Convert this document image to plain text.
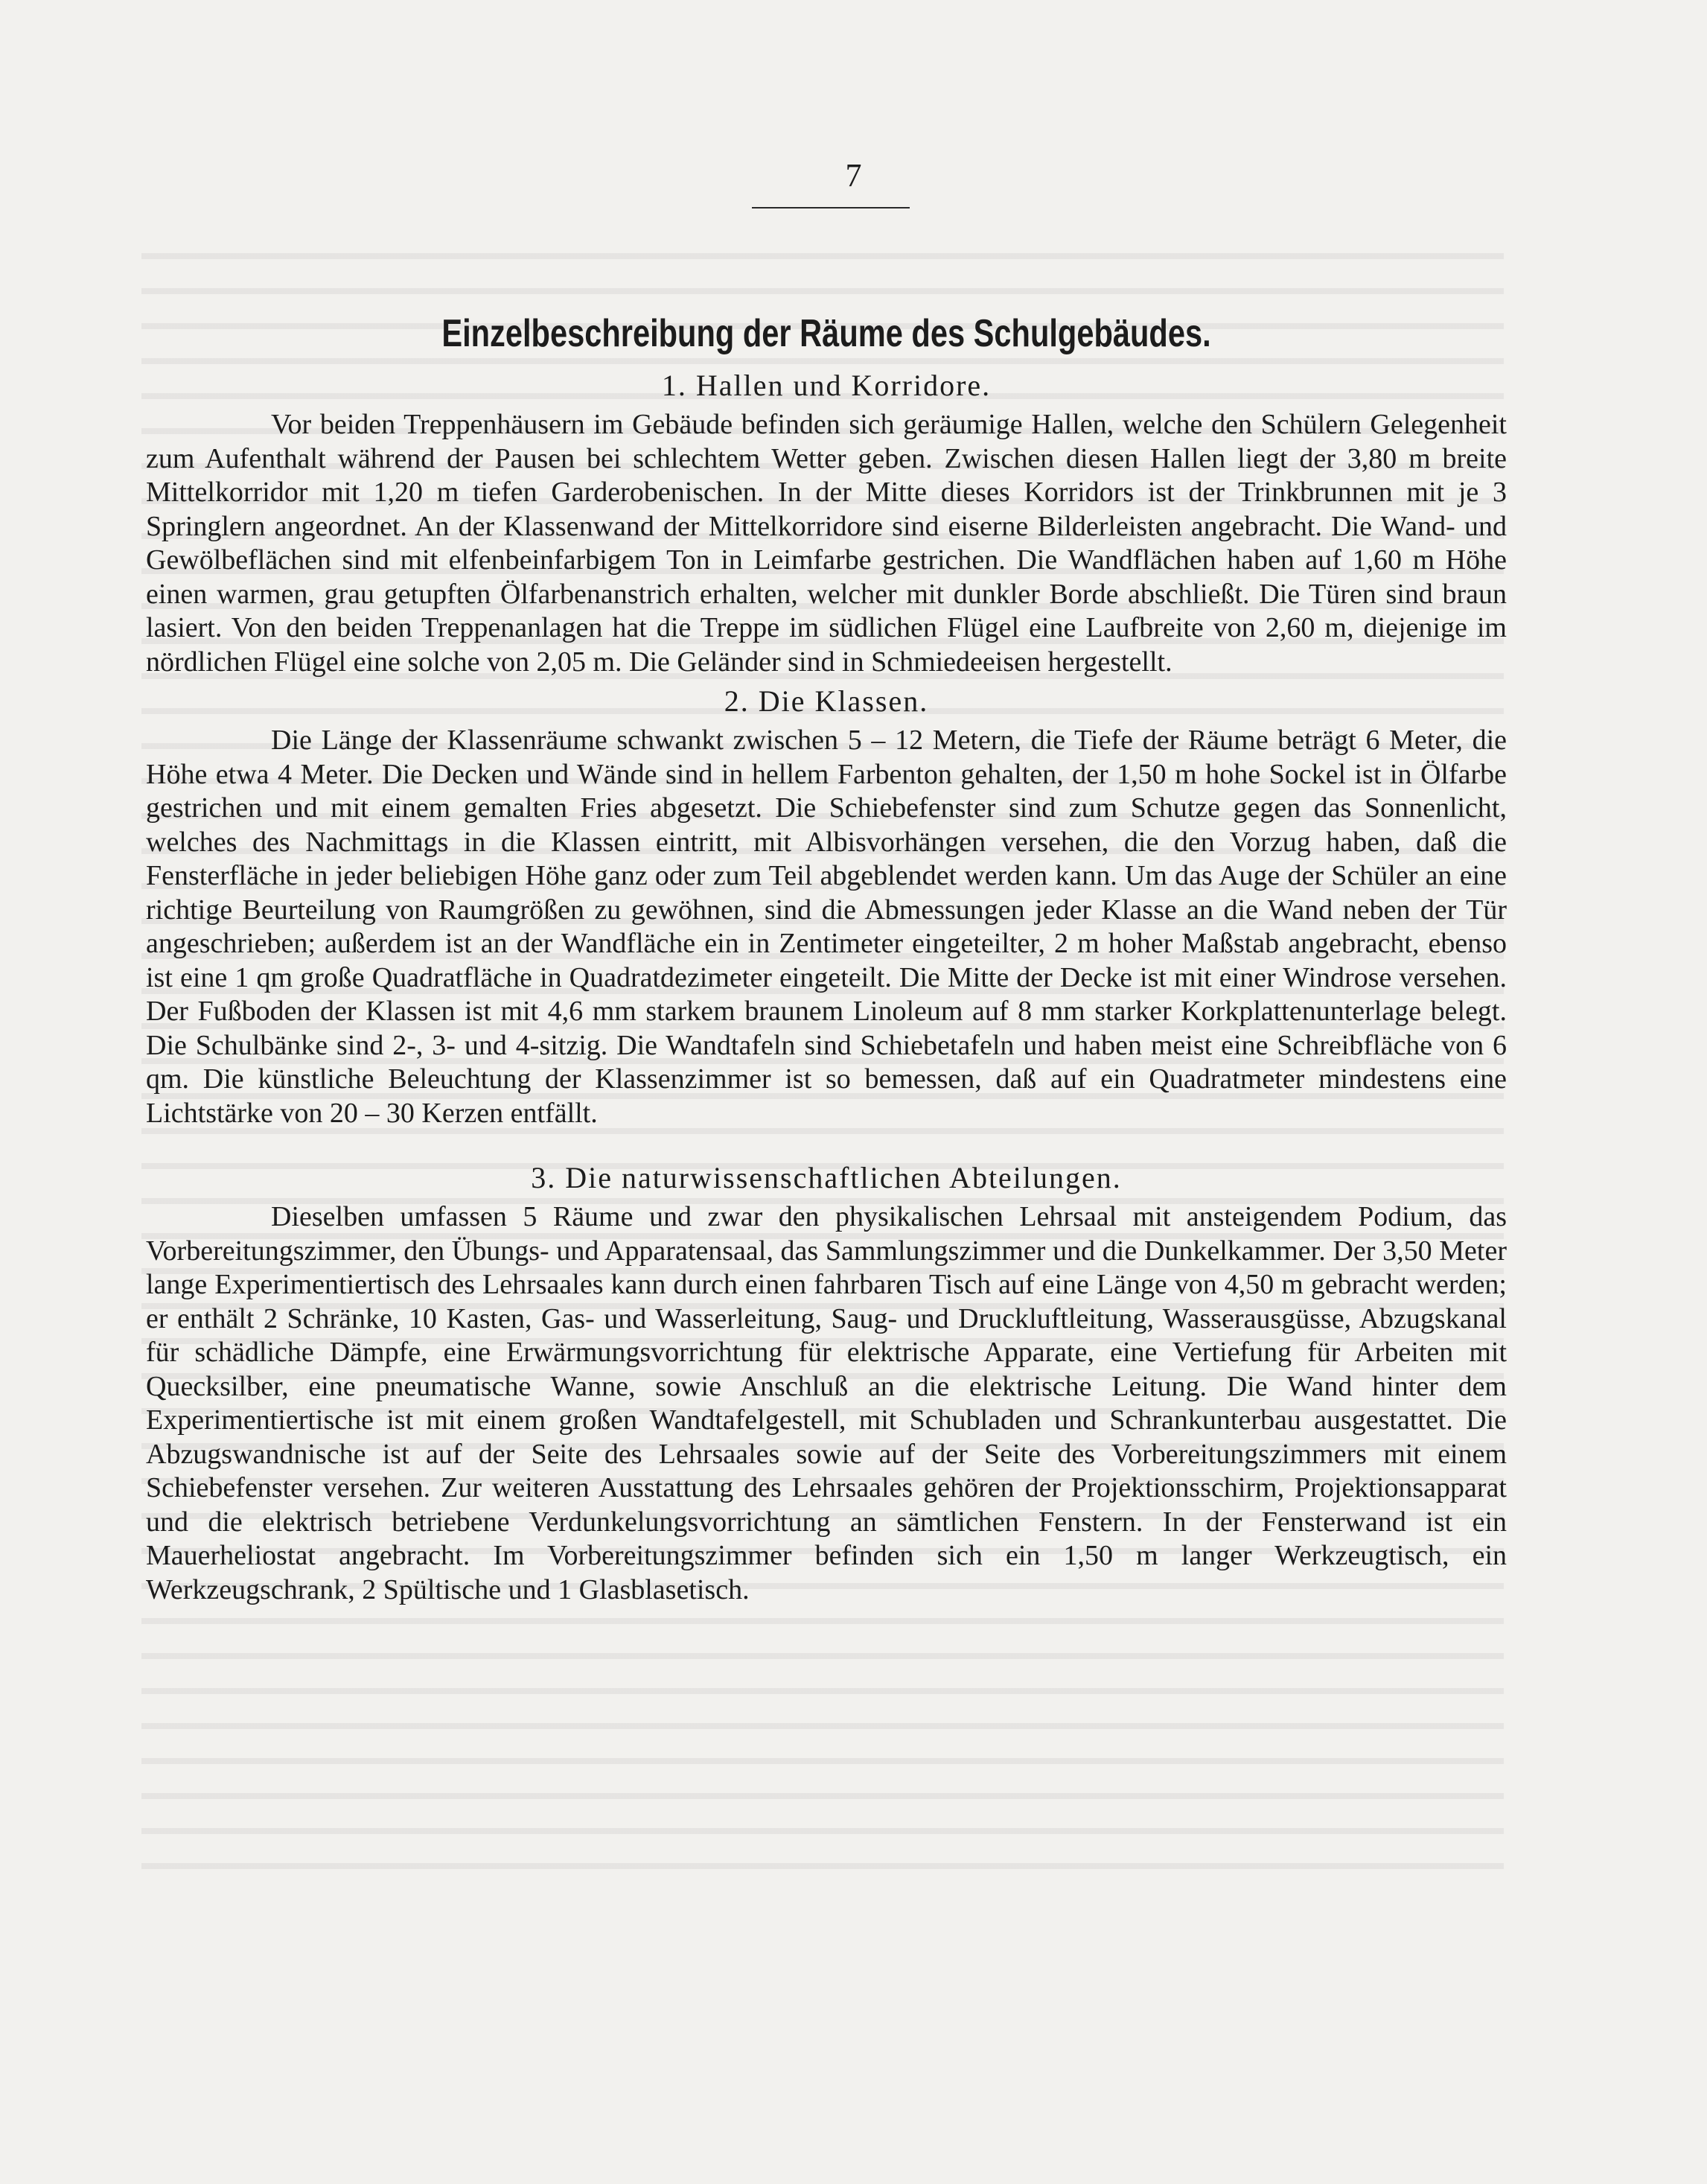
7
Einzelbeschreibung der Räume des Schulgebäudes.
1. Hallen und Korridore.

Vor beiden Treppenhäusern im Gebäude befinden sich geräumige Hallen, welche den Schülern Gelegenheit zum Aufenthalt während der Pausen bei schlechtem Wetter geben. Zwischen diesen Hallen liegt der 3,80 m breite Mittelkorridor mit 1,20 m tiefen Garderobenischen. In der Mitte dieses Korridors ist der Trinkbrunnen mit je 3 Springlern angeordnet. An der Klassenwand der Mittelkorridore sind eiserne Bilderleisten angebracht. Die Wand- und Gewölbeflächen sind mit elfenbeinfarbigem Ton in Leimfarbe gestrichen. Die Wandflächen haben auf 1,60 m Höhe einen warmen, grau getupften Ölfarbenanstrich erhalten, welcher mit dunkler Borde abschließt. Die Türen sind braun lasiert. Von den beiden Treppenanlagen hat die Treppe im südlichen Flügel eine Laufbreite von 2,60 m, diejenige im nördlichen Flügel eine solche von 2,05 m. Die Geländer sind in Schmiedeeisen hergestellt.

2. Die Klassen.

Die Länge der Klassenräume schwankt zwischen 5 – 12 Metern, die Tiefe der Räume beträgt 6 Meter, die Höhe etwa 4 Meter. Die Decken und Wände sind in hellem Farbenton gehalten, der 1,50 m hohe Sockel ist in Ölfarbe gestrichen und mit einem gemalten Fries abgesetzt. Die Schiebefenster sind zum Schutze gegen das Sonnenlicht, welches des Nachmittags in die Klassen eintritt, mit Albisvorhängen versehen, die den Vorzug haben, daß die Fensterfläche in jeder beliebigen Höhe ganz oder zum Teil abgeblendet werden kann. Um das Auge der Schüler an eine richtige Beurteilung von Raumgrößen zu gewöhnen, sind die Abmessungen jeder Klasse an die Wand neben der Tür angeschrieben; außerdem ist an der Wandfläche ein in Zentimeter eingeteilter, 2 m hoher Maßstab angebracht, ebenso ist eine 1 qm große Quadratfläche in Quadratdezimeter eingeteilt. Die Mitte der Decke ist mit einer Windrose versehen. Der Fußboden der Klassen ist mit 4,6 mm starkem braunem Linoleum auf 8 mm starker Korkplattenunterlage belegt. Die Schulbänke sind 2-, 3- und 4-sitzig. Die Wandtafeln sind Schiebetafeln und haben meist eine Schreibfläche von 6 qm. Die künstliche Beleuchtung der Klassenzimmer ist so bemessen, daß auf ein Quadratmeter mindestens eine Lichtstärke von 20 – 30 Kerzen entfällt.

3. Die naturwissenschaftlichen Abteilungen.

Dieselben umfassen 5 Räume und zwar den physikalischen Lehrsaal mit ansteigendem Podium, das Vorbereitungszimmer, den Übungs- und Apparatensaal, das Sammlungszimmer und die Dunkelkammer. Der 3,50 Meter lange Experimentiertisch des Lehrsaales kann durch einen fahrbaren Tisch auf eine Länge von 4,50 m gebracht werden; er enthält 2 Schränke, 10 Kasten, Gas- und Wasserleitung, Saug- und Druckluftleitung, Wasserausgüsse, Abzugskanal für schädliche Dämpfe, eine Erwärmungsvorrichtung für elektrische Apparate, eine Vertiefung für Arbeiten mit Quecksilber, eine pneumatische Wanne, sowie Anschluß an die elektrische Leitung. Die Wand hinter dem Experimentiertische ist mit einem großen Wandtafelgestell, mit Schubladen und Schrankunterbau ausgestattet. Die Abzugswandnische ist auf der Seite des Lehrsaales sowie auf der Seite des Vorbereitungszimmers mit einem Schiebefenster versehen. Zur weiteren Ausstattung des Lehrsaales gehören der Projektionsschirm, Projektionsapparat und die elektrisch betriebene Verdunkelungsvorrichtung an sämtlichen Fenstern. In der Fensterwand ist ein Mauerheliostat angebracht. Im Vorbereitungszimmer befinden sich ein 1,50 m langer Werkzeugtisch, ein Werkzeugschrank, 2 Spültische und 1 Glasblasetisch.
